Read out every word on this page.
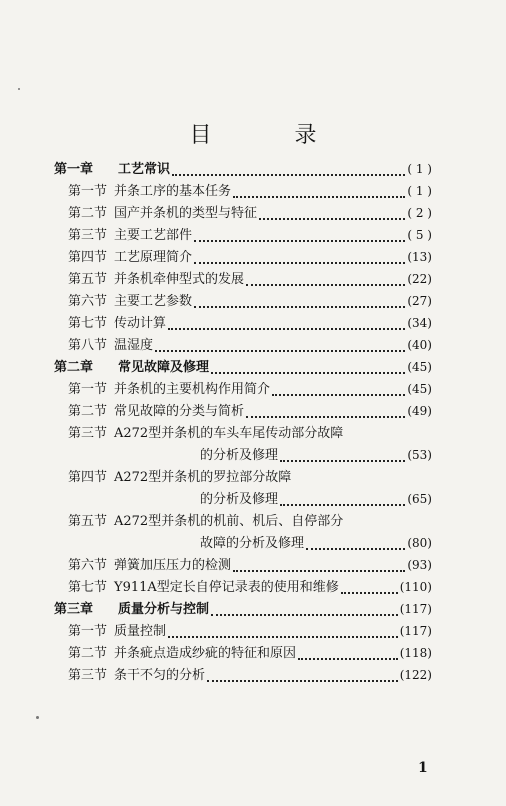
目 录
第一章	工艺常识	( 1 )
第一节 并条工序的基本任务	( 1 )
第二节 国产并条机的类型与特征	( 2 )
第三节 主要工艺部件	( 5 )
第四节 工艺原理简介	(13)
第五节 并条机牵伸型式的发展	(22)
第六节 主要工艺参数	(27)
第七节 传动计算	(34)
第八节 温湿度	(40)
第二章	常见故障及修理	(45)
第一节 并条机的主要机构作用简介	(45)
第二节 常见故障的分类与简析	(49)
第三节 A272型并条机的车头车尾传动部分故障
的分析及修理	(53)
第四节 A272型并条机的罗拉部分故障
的分析及修理	(65)
第五节 A272型并条机的机前、机后、自停部分
故障的分析及修理	(80)
第六节 弹簧加压压力的检测	(93)
第七节 Y911A型定长自停记录表的使用和维修	(110)
第三章	质量分析与控制	(117)
第一节 质量控制	(117)
第二节 并条疵点造成纱疵的特征和原因	(118)
第三节 条干不匀的分析	(122)
1
